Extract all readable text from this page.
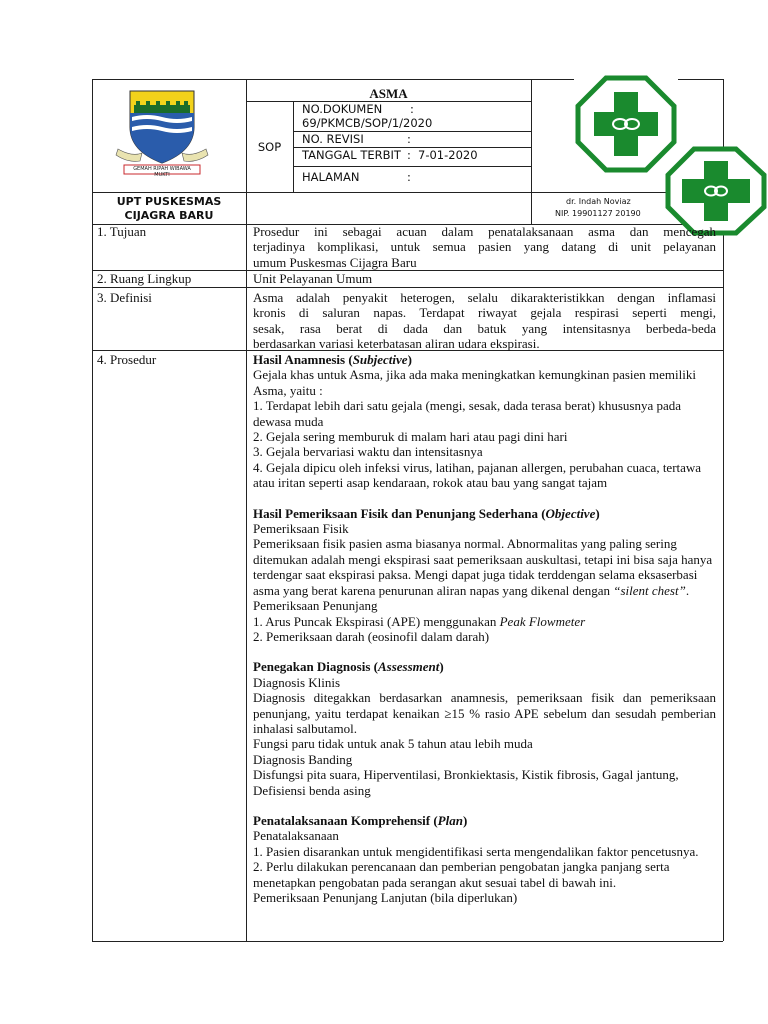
GEMAH RIPAH WIBAWA MUKTI
ASMA
SOP
NO.DOKUMEN :
69/PKMCB/SOP/1/2020
NO. REVISI	:
TANGGAL TERBIT : 7-01-2020
HALAMAN	:
UPT PUSKESMAS
CIJAGRA BARU
dr. Indah Noviaz
NIP. 19901127 20190
1. Tujuan
2. Ruang Lingkup
3. Definisi
4. Prosedur
Prosedur ini sebagai acuan dalam penatalaksanaan asma dan mencegah
terjadinya komplikasi, untuk semua pasien yang datang di unit pelayanan
umum Puskesmas Cijagra Baru
Unit Pelayanan Umum
Asma adalah penyakit heterogen, selalu dikarakteristikkan dengan inflamasi
kronis di saluran napas. Terdapat riwayat gejala respirasi seperti mengi,
sesak, rasa berat di dada dan batuk yang intensitasnya berbeda-beda
berdasarkan variasi keterbatasan aliran udara ekspirasi.
Hasil Anamnesis (Subjective)
Gejala khas untuk Asma, jika ada maka meningkatkan kemungkinan pasien memiliki Asma, yaitu :
1. Terdapat lebih dari satu gejala (mengi, sesak, dada terasa berat) khususnya pada dewasa muda
2. Gejala sering memburuk di malam hari atau pagi dini hari
3. Gejala bervariasi waktu dan intensitasnya
4. Gejala dipicu oleh infeksi virus, latihan, pajanan allergen, perubahan cuaca, tertawa atau iritan seperti asap kendaraan, rokok atau bau yang sangat tajam
Hasil Pemeriksaan Fisik dan Penunjang Sederhana (Objective)
Pemeriksaan Fisik
Pemeriksaan fisik pasien asma biasanya normal. Abnormalitas yang paling sering ditemukan adalah mengi ekspirasi saat pemeriksaan auskultasi, tetapi ini bisa saja hanya terdengar saat ekspirasi paksa. Mengi dapat juga tidak terddengan selama eksaserbasi asma yang berat karena penurunan aliran napas yang dikenal dengan “silent chest”.
Pemeriksaan Penunjang
1. Arus Puncak Ekspirasi (APE) menggunakan Peak Flowmeter
2. Pemeriksaan darah (eosinofil dalam darah)
Penegakan Diagnosis (Assessment)
Diagnosis Klinis
Diagnosis ditegakkan berdasarkan anamnesis, pemeriksaan fisik dan pemeriksaan penunjang, yaitu terdapat kenaikan ≥15 % rasio APE sebelum dan sesudah pemberian inhalasi salbutamol.
Fungsi paru tidak untuk anak 5 tahun atau lebih muda
Diagnosis Banding
Disfungsi pita suara, Hiperventilasi, Bronkiektasis, Kistik fibrosis, Gagal jantung, Defisiensi benda asing
Penatalaksanaan Komprehensif (Plan)
Penatalaksanaan
1. Pasien disarankan untuk mengidentifikasi serta mengendalikan faktor pencetusnya.
2. Perlu dilakukan perencanaan dan pemberian pengobatan jangka panjang serta menetapkan pengobatan pada serangan akut sesuai tabel di bawah ini.
Pemeriksaan Penunjang Lanjutan (bila diperlukan)
